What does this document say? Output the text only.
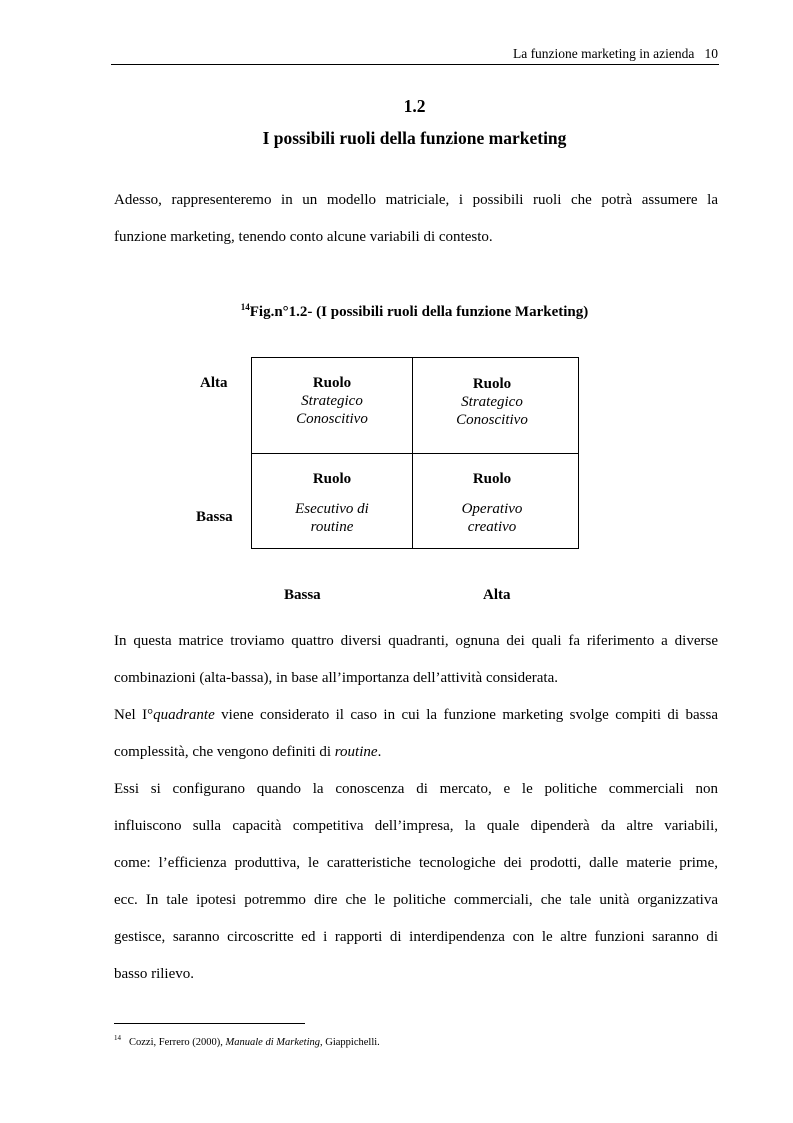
La funzione marketing in azienda 10
1.2
I possibili ruoli della funzione marketing
Adesso, rappresenteremo in un modello matriciale, i possibili ruoli che potrà assumere la
funzione marketing, tenendo conto alcune variabili di contesto.
$^{14}$Fig.n°1.2- (I possibili ruoli della funzione Marketing)
Alta
Bassa
Ruolo
Strategico
Conoscitivo
Ruolo
Strategico
Conoscitivo
Ruolo
Esecutivo di
routine
Ruolo
Operativo
creativo
Bassa	Alta
In questa matrice troviamo quattro diversi quadranti, ognuna dei quali fa riferimento a diverse
combinazioni (alta-bassa), in base all’importanza dell’attività considerata.
Nel I°quadrante viene considerato il caso in cui la funzione marketing svolge compiti di bassa
complessità, che vengono definiti di routine.
Essi si configurano quando la conoscenza di mercato, e le politiche commerciali non
influiscono sulla capacità competitiva dell’impresa, la quale dipenderà da altre variabili,
come: l’efficienza produttiva, le caratteristiche tecnologiche dei prodotti, dalle materie prime,
ecc. In tale ipotesi potremmo dire che le politiche commerciali, che tale unità organizzativa
gestisce, saranno circoscritte ed i rapporti di interdipendenza con le altre funzioni saranno di
basso rilievo.
$^{14}$ Cozzi, Ferrero (2000), Manuale di Marketing, Giappichelli.
